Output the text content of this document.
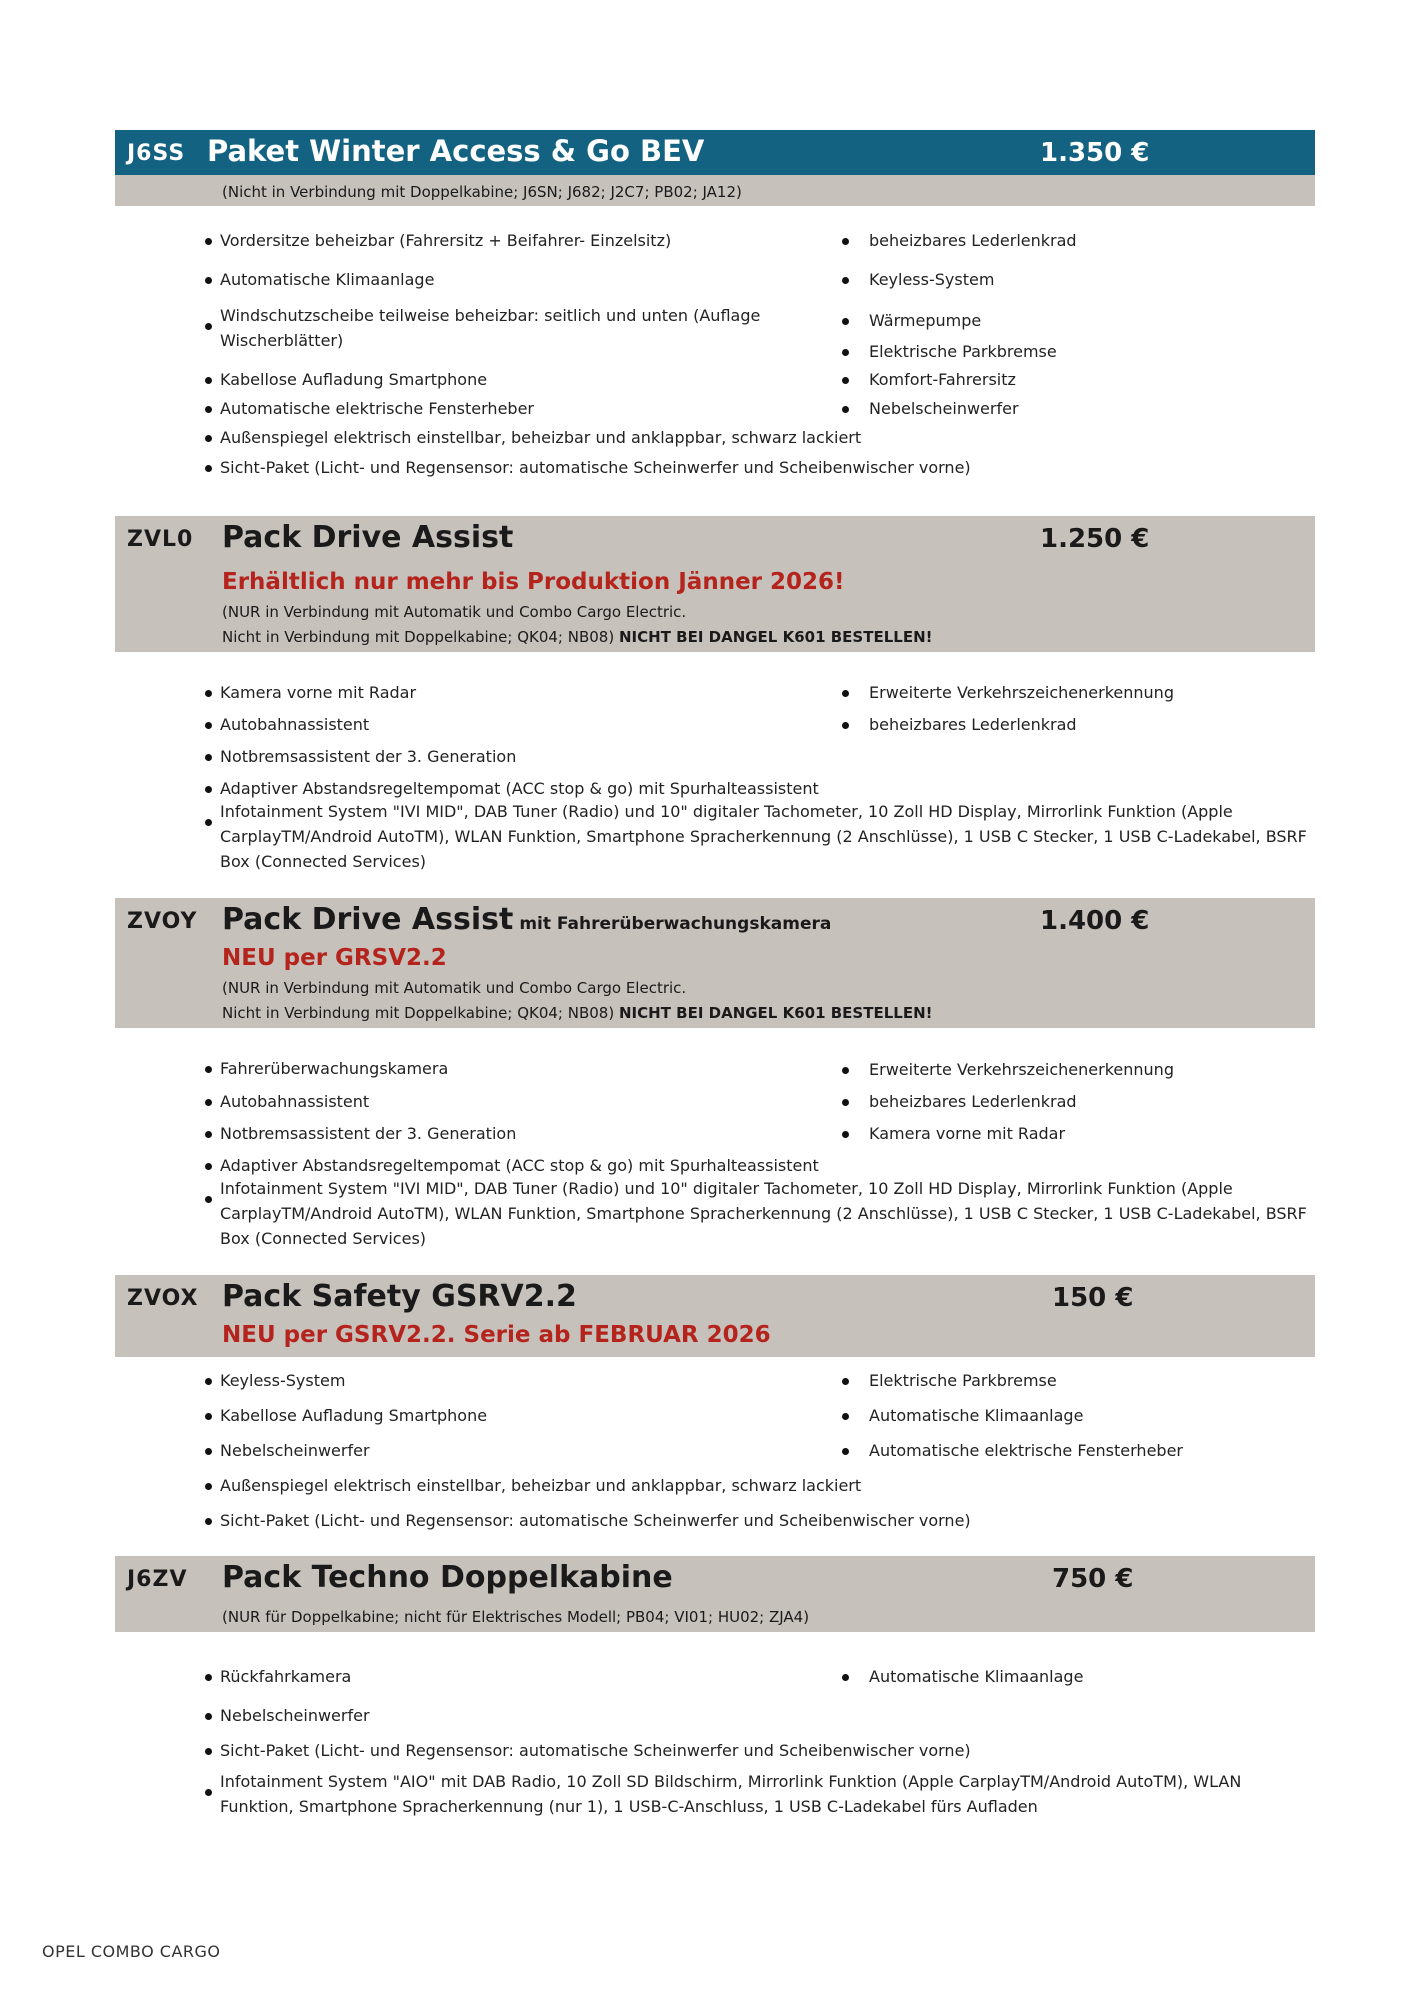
J6SS Paket Winter Access & Go BEV	1.350 €
(Nicht in Verbindung mit Doppelkabine; J6SN; J682; J2C7; PB02; JA12)
Vordersitze beheizbar (Fahrersitz + Beifahrer- Einzelsitz)
Automatische Klimaanlage
Windschutzscheibe teilweise beheizbar: seitlich und unten (Auflage Wischerblätter)
Kabellose Aufladung Smartphone
Automatische elektrische Fensterheber
Außenspiegel elektrisch einstellbar, beheizbar und anklappbar, schwarz lackiert
Sicht-Paket (Licht- und Regensensor: automatische Scheinwerfer und Scheibenwischer vorne)
beheizbares Lederlenkrad
Keyless-System
Wärmepumpe
Elektrische Parkbremse
Komfort-Fahrersitz
Nebelscheinwerfer
ZVL0 Pack Drive Assist	1.250 €
Erhältlich nur mehr bis Produktion Jänner 2026!
(NUR in Verbindung mit Automatik und Combo Cargo Electric.
Nicht in Verbindung mit Doppelkabine; QK04; NB08) NICHT BEI DANGEL K601 BESTELLEN!
Kamera vorne mit Radar
Autobahnassistent
Notbremsassistent der 3. Generation
Adaptiver Abstandsregeltempomat (ACC stop & go) mit Spurhalteassistent
Infotainment System "IVI MID", DAB Tuner (Radio) und 10" digitaler Tachometer, 10 Zoll HD Display, Mirrorlink Funktion (Apple CarplayTM/Android AutoTM), WLAN Funktion, Smartphone Spracherkennung (2 Anschlüsse), 1 USB C Stecker, 1 USB C-Ladekabel, BSRF Box (Connected Services)
Erweiterte Verkehrszeichenerkennung
beheizbares Lederlenkrad
ZVOY Pack Drive Assist mit Fahrerüberwachungskamera	1.400 €
NEU per GRSV2.2
(NUR in Verbindung mit Automatik und Combo Cargo Electric.
Nicht in Verbindung mit Doppelkabine; QK04; NB08) NICHT BEI DANGEL K601 BESTELLEN!
Fahrerüberwachungskamera
Autobahnassistent
Notbremsassistent der 3. Generation
Adaptiver Abstandsregeltempomat (ACC stop & go) mit Spurhalteassistent
Infotainment System "IVI MID", DAB Tuner (Radio) und 10" digitaler Tachometer, 10 Zoll HD Display, Mirrorlink Funktion (Apple CarplayTM/Android AutoTM), WLAN Funktion, Smartphone Spracherkennung (2 Anschlüsse), 1 USB C Stecker, 1 USB C-Ladekabel, BSRF Box (Connected Services)
Erweiterte Verkehrszeichenerkennung
beheizbares Lederlenkrad
Kamera vorne mit Radar
ZVOX Pack Safety GSRV2.2	150 €
NEU per GSRV2.2. Serie ab FEBRUAR 2026
Keyless-System
Kabellose Aufladung Smartphone
Nebelscheinwerfer
Außenspiegel elektrisch einstellbar, beheizbar und anklappbar, schwarz lackiert
Sicht-Paket (Licht- und Regensensor: automatische Scheinwerfer und Scheibenwischer vorne)
Elektrische Parkbremse
Automatische Klimaanlage
Automatische elektrische Fensterheber
J6ZV Pack Techno Doppelkabine	750 €
(NUR für Doppelkabine; nicht für Elektrisches Modell; PB04; VI01; HU02; ZJA4)
Rückfahrkamera
Nebelscheinwerfer
Sicht-Paket (Licht- und Regensensor: automatische Scheinwerfer und Scheibenwischer vorne)
Infotainment System "AIO" mit DAB Radio, 10 Zoll SD Bildschirm, Mirrorlink Funktion (Apple CarplayTM/Android AutoTM), WLAN Funktion, Smartphone Spracherkennung (nur 1), 1 USB-C-Anschluss, 1 USB C-Ladekabel fürs Aufladen
Automatische Klimaanlage
OPEL COMBO CARGO
